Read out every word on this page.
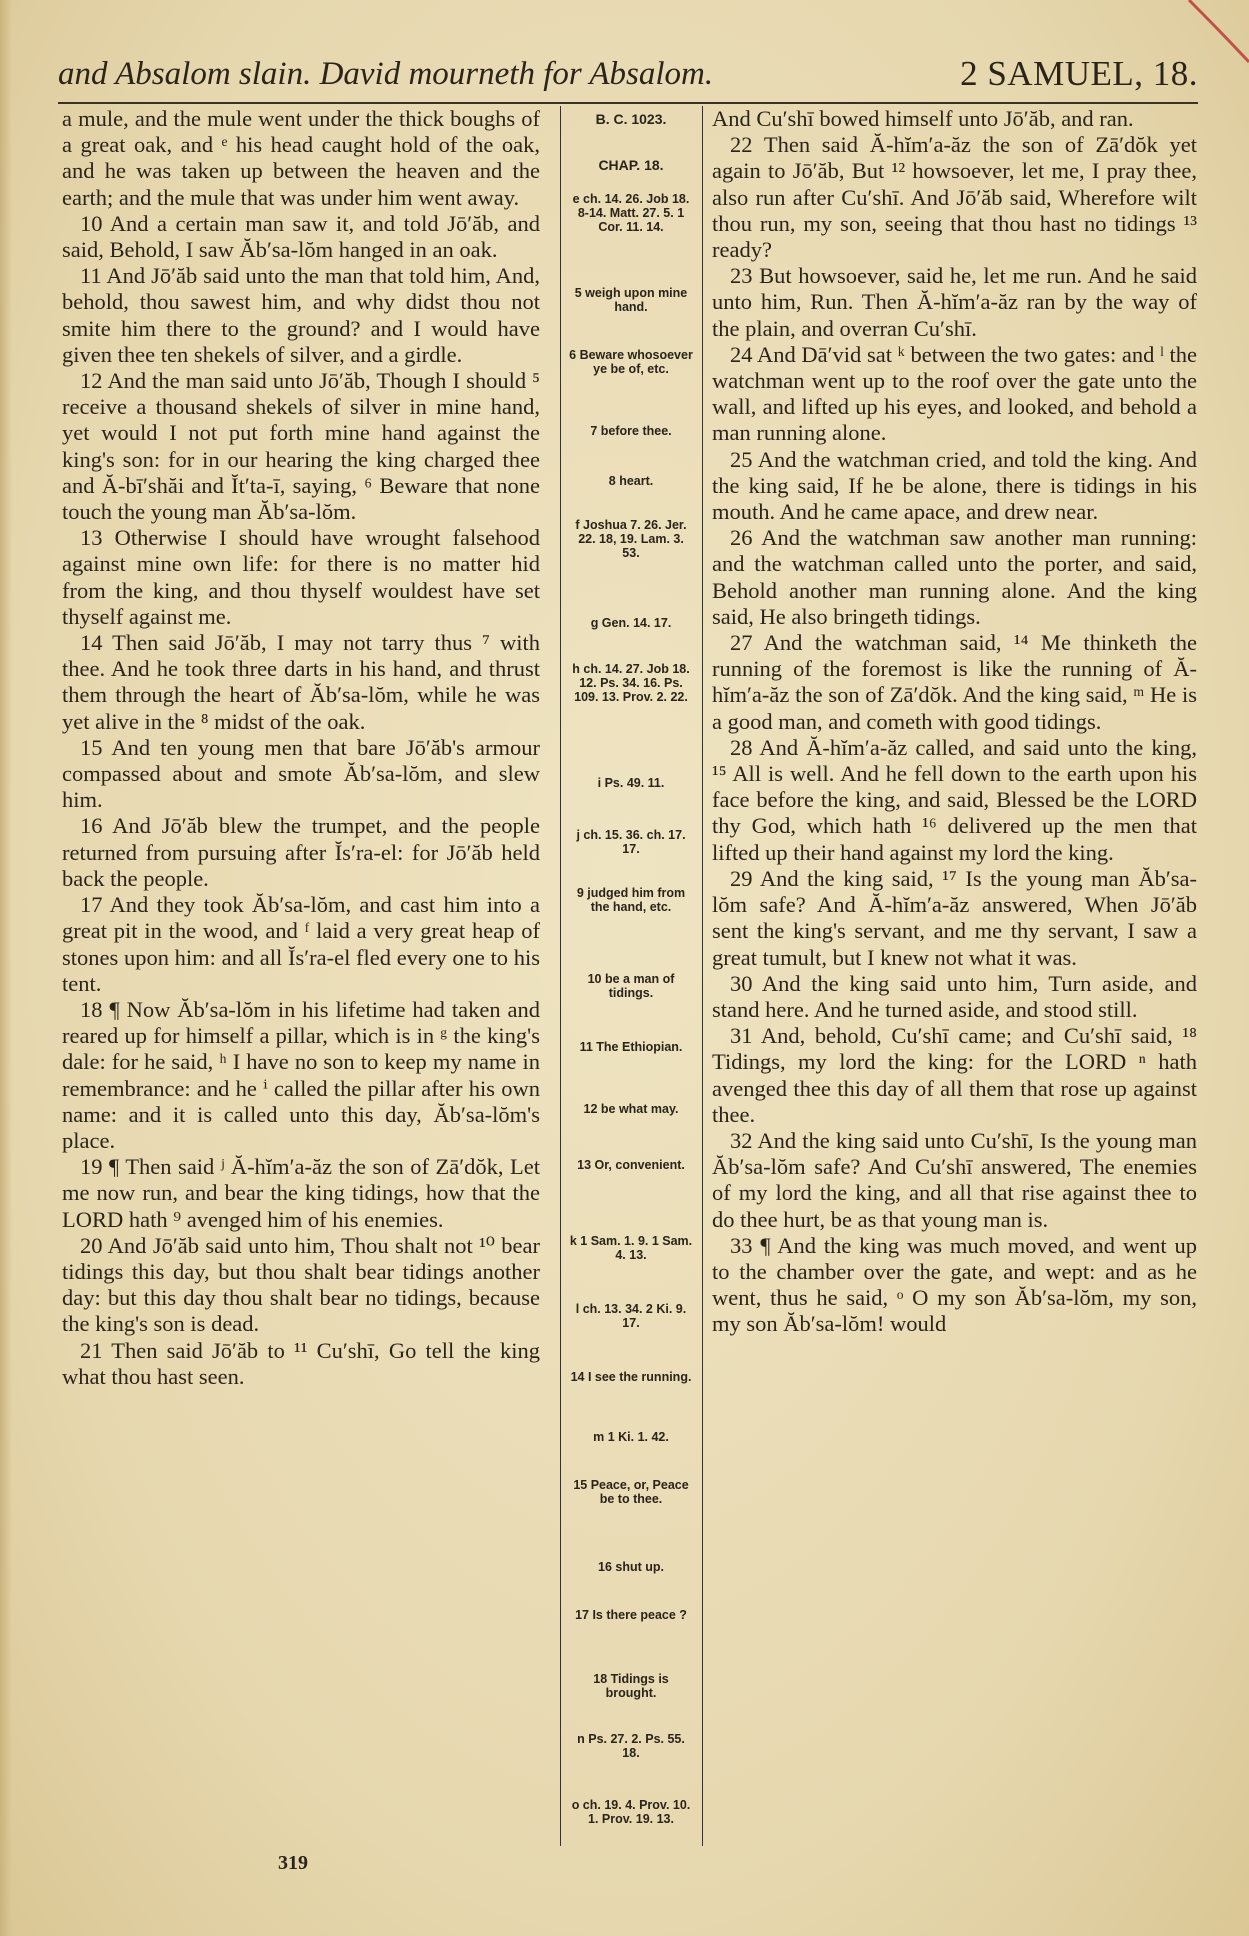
and Absalom slain. David mourneth for Absalom.	2 SAMUEL, 18.

a mule, and the mule went under the thick boughs of a great oak, and ᵉ his head caught hold of the oak, and he was taken up between the heaven and the earth; and the mule that was under him went away.

10 And a certain man saw it, and told Jō′ăb, and said, Behold, I saw Ăb′sa-lŏm hanged in an oak.

11 And Jō′ăb said unto the man that told him, And, behold, thou sawest him, and why didst thou not smite him there to the ground? and I would have given thee ten shekels of silver, and a girdle.

12 And the man said unto Jō′ăb, Though I should ⁵ receive a thousand shekels of silver in mine hand, yet would I not put forth mine hand against the king's son: for in our hearing the king charged thee and Ă-bī′shăi and Ĭt′ta-ī, saying, ⁶ Beware that none touch the young man Ăb′sa-lŏm.

13 Otherwise I should have wrought falsehood against mine own life: for there is no matter hid from the king, and thou thyself wouldest have set thyself against me.

14 Then said Jō′ăb, I may not tarry thus ⁷ with thee. And he took three darts in his hand, and thrust them through the heart of Ăb′sa-lŏm, while he was yet alive in the ⁸ midst of the oak.

15 And ten young men that bare Jō′ăb's armour compassed about and smote Ăb′sa-lŏm, and slew him.

16 And Jō′ăb blew the trumpet, and the people returned from pursuing after Ĭs′ra-el: for Jō′ăb held back the people.

17 And they took Ăb′sa-lŏm, and cast him into a great pit in the wood, and ᶠ laid a very great heap of stones upon him: and all Ĭs′ra-el fled every one to his tent.

18 ¶ Now Ăb′sa-lŏm in his lifetime had taken and reared up for himself a pillar, which is in ᵍ the king's dale: for he said, ʰ I have no son to keep my name in remembrance: and he ⁱ called the pillar after his own name: and it is called unto this day, Ăb′sa-lŏm's place.

19 ¶ Then said ʲ Ă-hĭm′a-ăz the son of Zā′dŏk, Let me now run, and bear the king tidings, how that the LORD hath ⁹ avenged him of his enemies.

20 And Jō′ăb said unto him, Thou shalt not ¹⁰ bear tidings this day, but thou shalt bear tidings another day: but this day thou shalt bear no tidings, because the king's son is dead.

21 Then said Jō′ăb to ¹¹ Cu′shī, Go tell the king what thou hast seen.

B. C. 1023.
CHAP. 18.
e ch. 14. 26. Job 18. 8-14. Matt. 27. 5. 1 Cor. 11. 14.
5 weigh upon mine hand.
6 Beware whosoever ye be of, etc.
7 before thee.
8 heart.
f Joshua 7. 26. Jer. 22. 18, 19. Lam. 3. 53.
g Gen. 14. 17.
h ch. 14. 27. Job 18. 12. Ps. 34. 16. Ps. 109. 13. Prov. 2. 22.
i Ps. 49. 11.
j ch. 15. 36. ch. 17. 17.
9 judged him from the hand, etc.
10 be a man of tidings.
11 The Ethiopian.
12 be what may.
13 Or, convenient.
k 1 Sam. 1. 9. 1 Sam. 4. 13.
l ch. 13. 34. 2 Ki. 9. 17.
14 I see the running.
m 1 Ki. 1. 42.
15 Peace, or, Peace be to thee.
16 shut up.
17 Is there peace ?
18 Tidings is brought.
n Ps. 27. 2. Ps. 55. 18.
o ch. 19. 4. Prov. 10. 1. Prov. 19. 13.

And Cu′shī bowed himself unto Jō′ăb, and ran.

22 Then said Ă-hĭm′a-ăz the son of Zā′dŏk yet again to Jō′ăb, But ¹² howsoever, let me, I pray thee, also run after Cu′shī. And Jō′ăb said, Wherefore wilt thou run, my son, seeing that thou hast no tidings ¹³ ready?

23 But howsoever, said he, let me run. And he said unto him, Run. Then Ă-hĭm′a-ăz ran by the way of the plain, and overran Cu′shī.

24 And Dā′vid sat ᵏ between the two gates: and ˡ the watchman went up to the roof over the gate unto the wall, and lifted up his eyes, and looked, and behold a man running alone.

25 And the watchman cried, and told the king. And the king said, If he be alone, there is tidings in his mouth. And he came apace, and drew near.

26 And the watchman saw another man running: and the watchman called unto the porter, and said, Behold another man running alone. And the king said, He also bringeth tidings.

27 And the watchman said, ¹⁴ Me thinketh the running of the foremost is like the running of Ă-hĭm′a-ăz the son of Zā′dŏk. And the king said, ᵐ He is a good man, and cometh with good tidings.

28 And Ă-hĭm′a-ăz called, and said unto the king, ¹⁵ All is well. And he fell down to the earth upon his face before the king, and said, Blessed be the LORD thy God, which hath ¹⁶ delivered up the men that lifted up their hand against my lord the king.

29 And the king said, ¹⁷ Is the young man Ăb′sa-lŏm safe? And Ă-hĭm′a-ăz answered, When Jō′ăb sent the king's servant, and me thy servant, I saw a great tumult, but I knew not what it was.

30 And the king said unto him, Turn aside, and stand here. And he turned aside, and stood still.

31 And, behold, Cu′shī came; and Cu′shī said, ¹⁸ Tidings, my lord the king: for the LORD ⁿ hath avenged thee this day of all them that rose up against thee.

32 And the king said unto Cu′shī, Is the young man Ăb′sa-lŏm safe? And Cu′shī answered, The enemies of my lord the king, and all that rise against thee to do thee hurt, be as that young man is.

33 ¶ And the king was much moved, and went up to the chamber over the gate, and wept: and as he went, thus he said, ᵒ O my son Ăb′sa-lŏm, my son, my son Ăb′sa-lŏm! would

319
